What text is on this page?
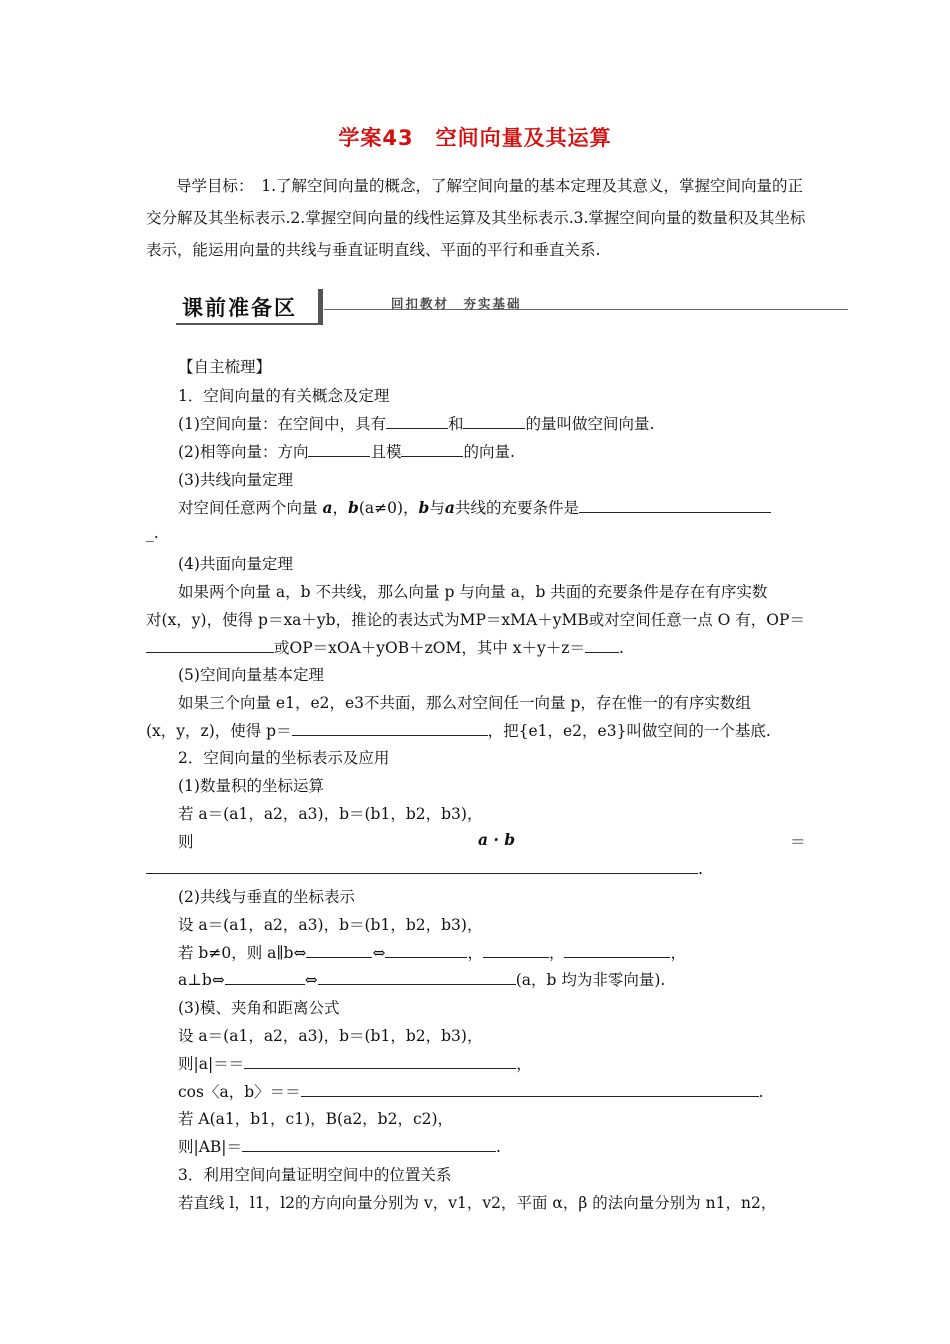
学案43　空间向量及其运算
导学目标：　1.了解空间向量的概念，了解空间向量的基本定理及其意义，掌握空间向量的正交分解及其坐标表示.2.掌握空间向量的线性运算及其坐标表示.3.掌握空间向量的数量积及其坐标表示，能运用向量的共线与垂直证明直线、平面的平行和垂直关系.
课前准备区	回扣教材　夯实基础
【自主梳理】
1．空间向量的有关概念及定理
(1)空间向量：在空间中，具有	和	的量叫做空间向量.
(2)相等向量：方向	且模	的向量.
(3)共线向量定理
对空间任意两个向量 a，b(a≠0)，b与a共线的充要条件是
_.
(4)共面向量定理
如果两个向量 a，b 不共线，那么向量 p 与向量 a，b 共面的充要条件是存在有序实数
对(x，y)，使得 p＝xa＋yb，推论的表达式为MP＝xMA＋yMB或对空间任意一点 O 有，OP＝
或OP＝xOA＋yOB＋zOM，其中 x＋y＋z＝ .
(5)空间向量基本定理
如果三个向量 e1，e2，e3不共面，那么对空间任一向量 p，存在惟一的有序实数组
(x，y，z)，使得 p＝	，把{e1，e2，e3}叫做空间的一个基底.
2．空间向量的坐标表示及应用
(1)数量积的坐标运算
若 a＝(a1，a2，a3)，b＝(b1，b2，b3)，
则	a · b	＝
.
(2)共线与垂直的坐标表示
设 a＝(a1，a2，a3)，b＝(b1，b2，b3)，
若 b≠0，则 a∥b⇔	⇔	，	，	，
a⊥b⇔	⇔	(a，b 均为非零向量).
(3)模、夹角和距离公式
设 a＝(a1，a2，a3)，b＝(b1，b2，b3)，
则|a|＝＝	，
cos〈a，b〉＝＝	.
若 A(a1，b1，c1)，B(a2，b2，c2)，
则|AB|＝	.
3．利用空间向量证明空间中的位置关系
若直线 l，l1，l2的方向向量分别为 v，v1，v2，平面 α，β 的法向量分别为 n1，n2，
